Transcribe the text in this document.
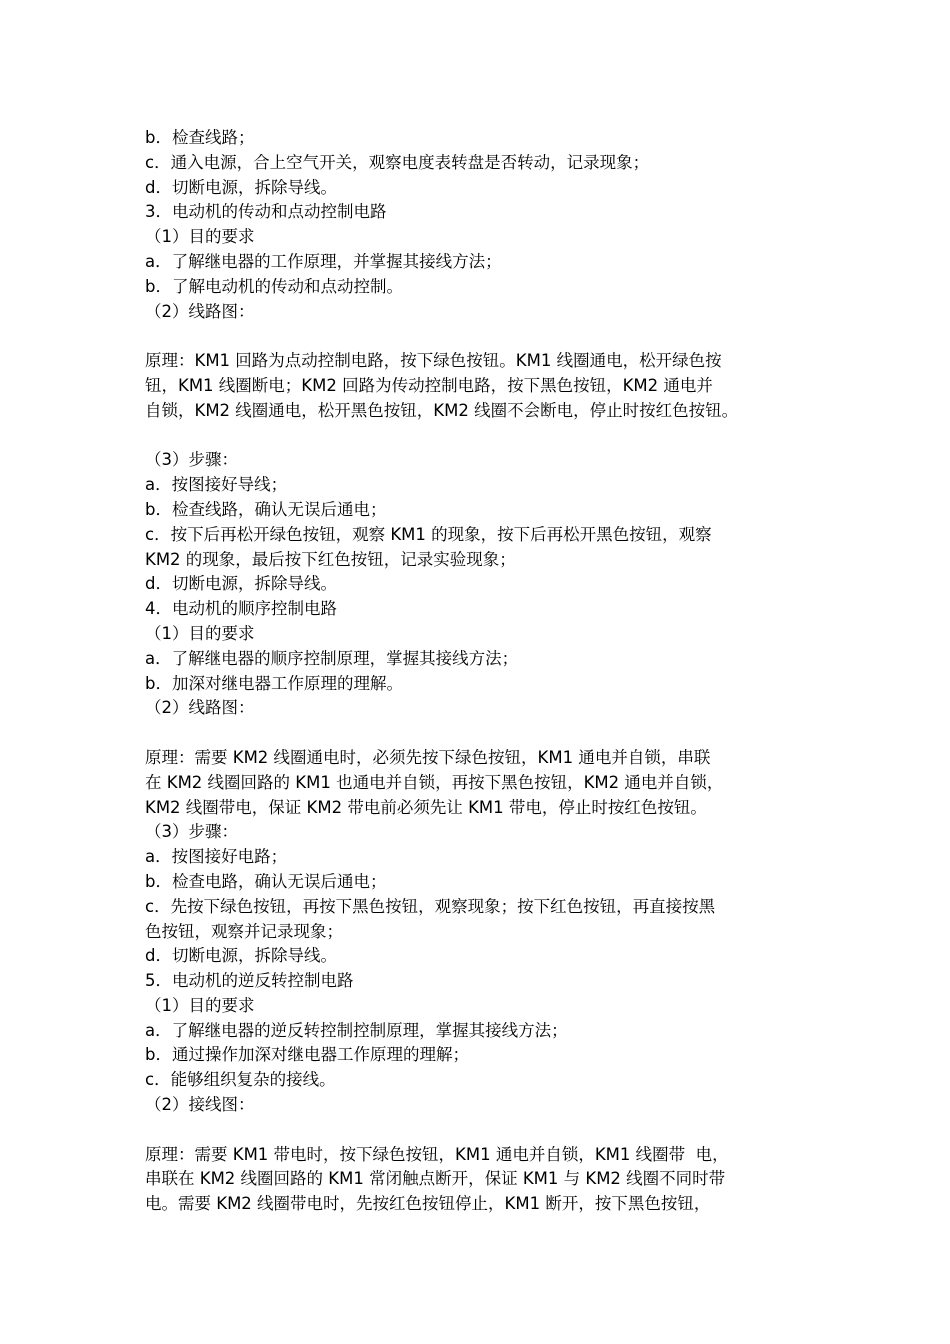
b．检查线路；
c．通入电源，合上空气开关，观察电度表转盘是否转动，记录现象；
d．切断电源，拆除导线。
3．电动机的传动和点动控制电路
（1）目的要求
a．了解继电器的工作原理，并掌握其接线方法；
b．了解电动机的传动和点动控制。
（2）线路图：
原理：KM1 回路为点动控制电路，按下绿色按钮。KM1 线圈通电，松开绿色按
钮，KM1 线圈断电；KM2 回路为传动控制电路，按下黑色按钮，KM2 通电并
自锁，KM2 线圈通电，松开黑色按钮，KM2 线圈不会断电，停止时按红色按钮。
（3）步骤：
a．按图接好导线；
b．检查线路，确认无误后通电；
c．按下后再松开绿色按钮，观察 KM1 的现象，按下后再松开黑色按钮，观察
KM2 的现象，最后按下红色按钮，记录实验现象；
d．切断电源，拆除导线。
4．电动机的顺序控制电路
（1）目的要求
a．了解继电器的顺序控制原理，掌握其接线方法；
b．加深对继电器工作原理的理解。
（2）线路图：
原理：需要 KM2 线圈通电时，必须先按下绿色按钮，KM1 通电并自锁，串联
在 KM2 线圈回路的 KM1 也通电并自锁，再按下黑色按钮，KM2 通电并自锁，
KM2 线圈带电，保证 KM2 带电前必须先让 KM1 带电，停止时按红色按钮。
（3）步骤：
a．按图接好电路；
b．检查电路，确认无误后通电；
c．先按下绿色按钮，再按下黑色按钮，观察现象；按下红色按钮，再直接按黑
色按钮，观察并记录现象；
d．切断电源，拆除导线。
5．电动机的逆反转控制电路
（1）目的要求
a．了解继电器的逆反转控制控制原理，掌握其接线方法；
b．通过操作加深对继电器工作原理的理解；
c．能够组织复杂的接线。
（2）接线图：
原理：需要 KM1 带电时，按下绿色按钮，KM1 通电并自锁，KM1 线圈带  电，
串联在 KM2 线圈回路的 KM1 常闭触点断开，保证 KM1 与 KM2 线圈不同时带
电。需要 KM2 线圈带电时，先按红色按钮停止，KM1 断开，按下黑色按钮，
